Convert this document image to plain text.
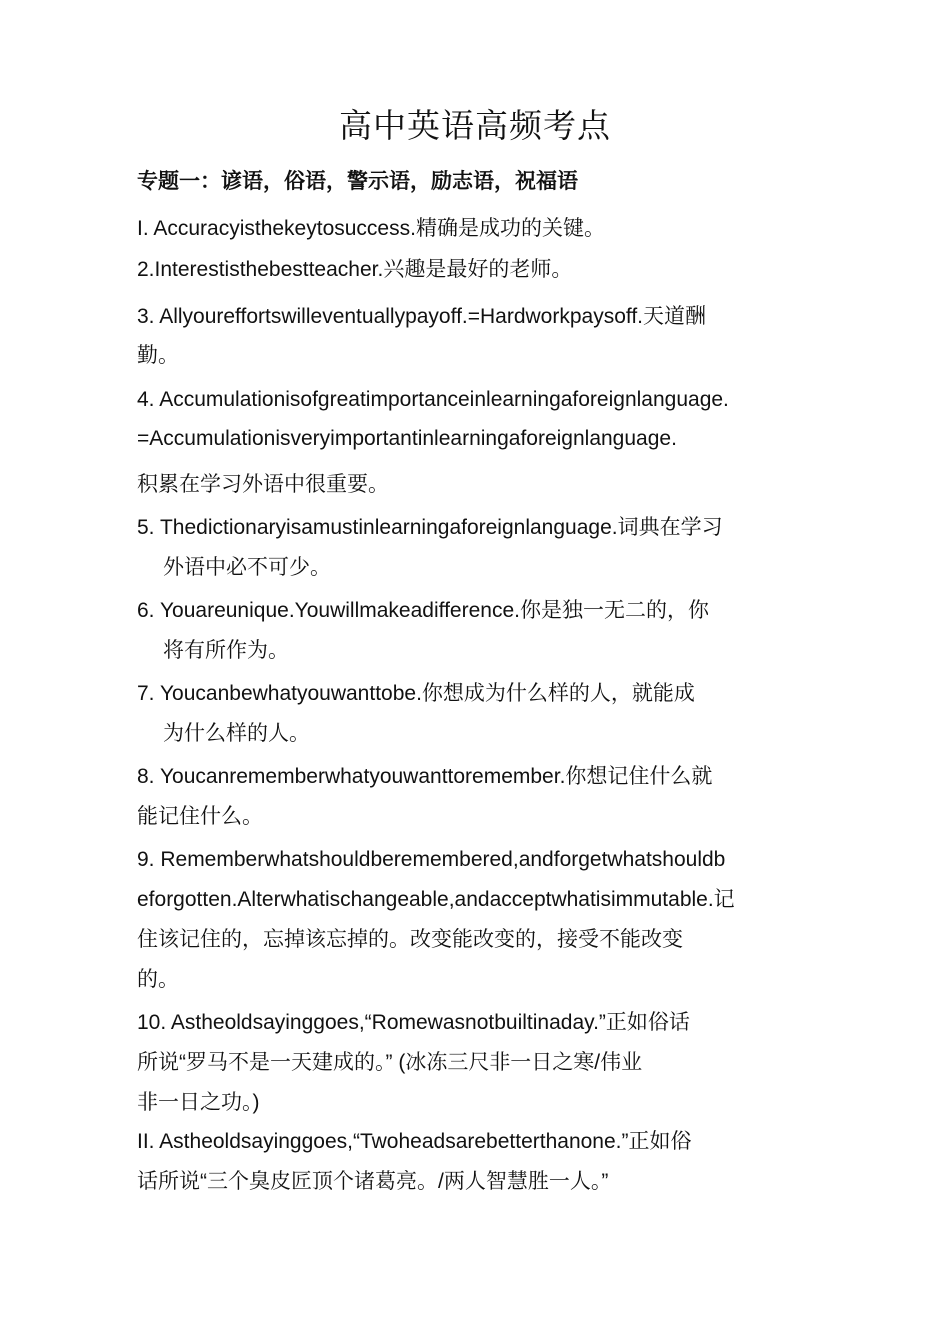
高中英语高频考点
专题一：谚语，俗语，警示语，励志语，祝福语
I. Accuracyisthekeytosuccess.精确是成功的关键。
2.Interestisthebestteacher.兴趣是最好的老师。
3. Allyoureffortswilleventuallypayoff.=Hardworkpaysoff.天道酬
勤。
4. Accumulationisofgreatimportanceinlearningaforeignlanguage.
=Accumulationisveryimportantinlearningaforeignlanguage.
积累在学习外语中很重要。
5. Thedictionaryisamustinlearningaforeignlanguage.词典在学习
外语中必不可少。
6. Youareunique.Youwillmakeadifference.你是独一无二的，你
将有所作为。
7. Youcanbewhatyouwanttobe.你想成为什么样的人，就能成
为什么样的人。
8. Youcanrememberwhatyouwanttoremember.你想记住什么就
能记住什么。
9. Rememberwhatshouldberemembered,andforgetwhatshouldb
eforgotten.Alterwhatischangeable,andacceptwhatisimmutable.记
住该记住的，忘掉该忘掉的。改变能改变的，接受不能改变
的。
10. Astheoldsayinggoes,“Romewasnotbuiltinaday.”正如俗话
所说“罗马不是一天建成的。” (冰冻三尺非一日之寒/伟业
非一日之功。)
II. Astheoldsayinggoes,“Twoheadsarebetterthanone.”正如俗
话所说“三个臭皮匠顶个诸葛亮。/两人智慧胜一人。”
